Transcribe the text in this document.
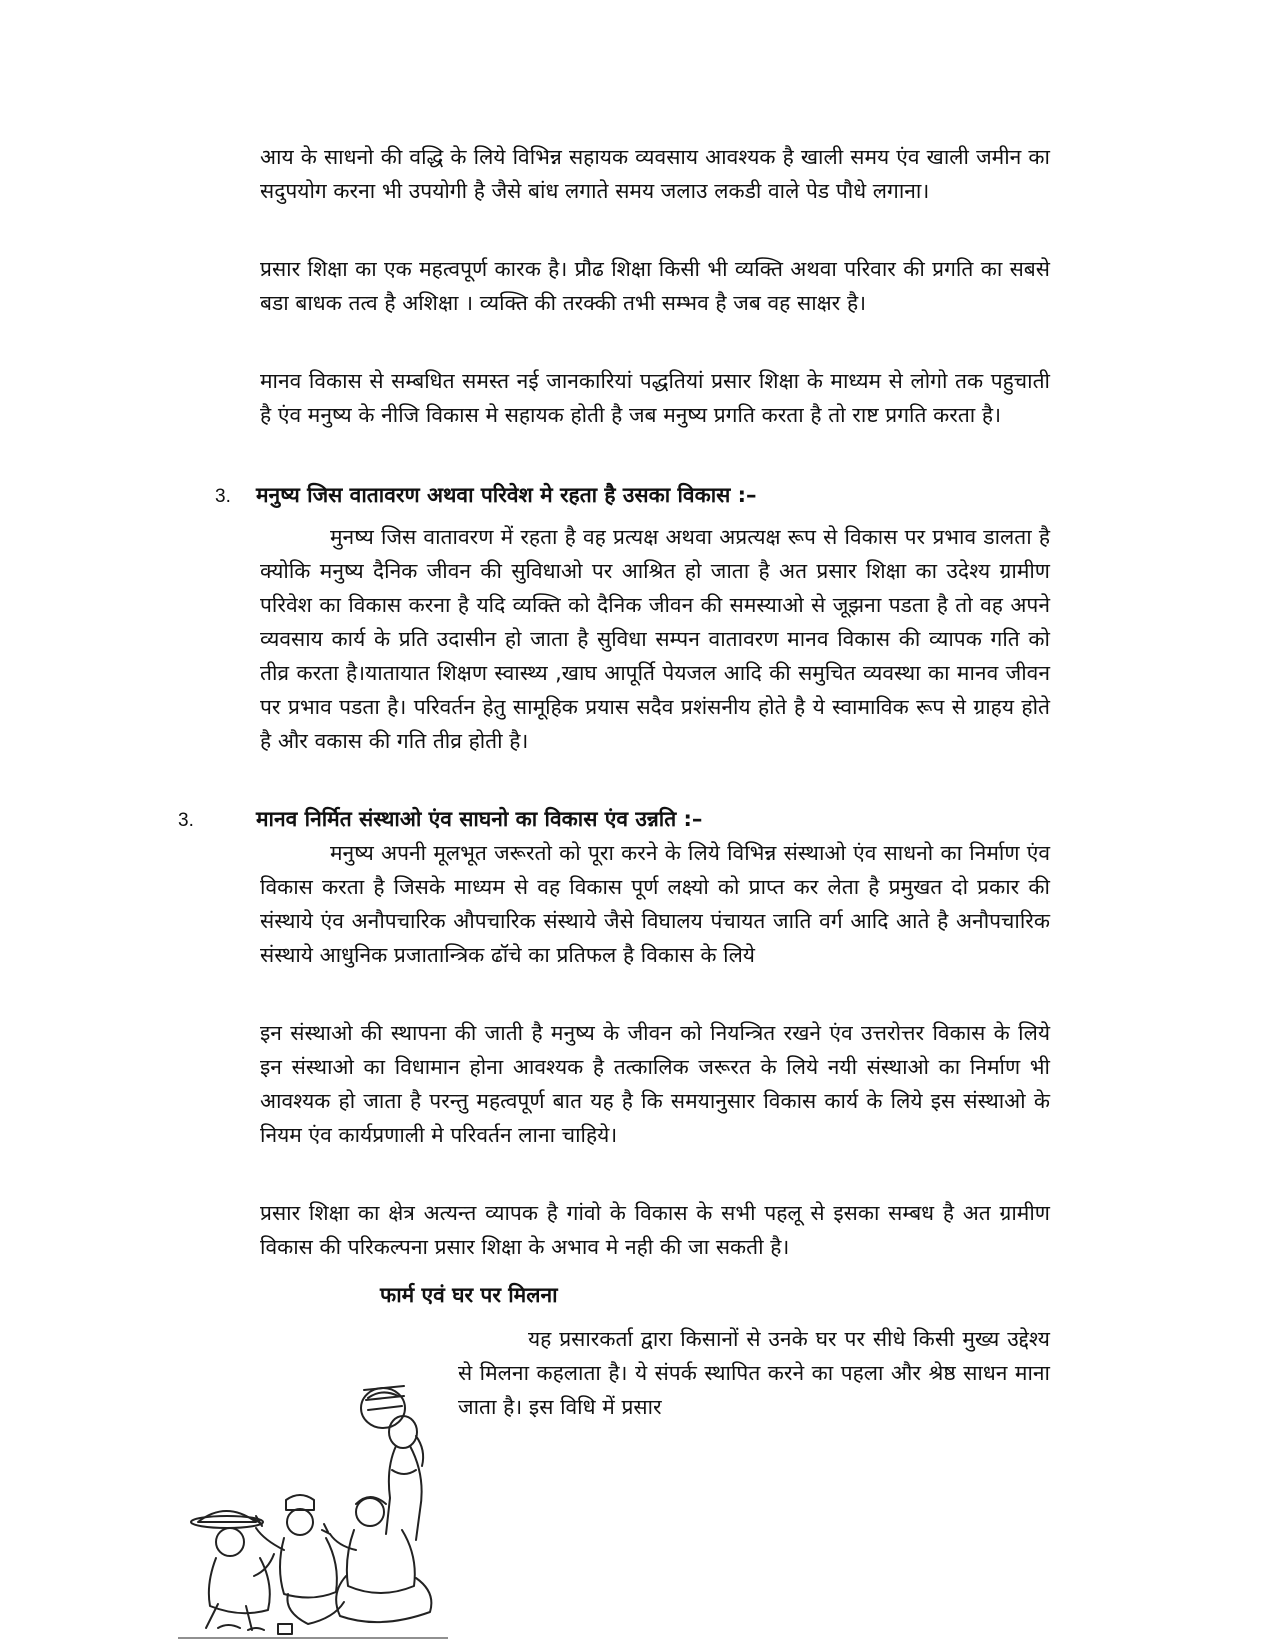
आय के साधनो की वद्धि के लिये विभिन्न सहायक व्यवसाय आवश्यक है खाली समय एंव खाली जमीन का सदुपयोग करना भी उपयोगी है जैसे बांध लगाते समय जलाउ लकडी वाले पेड पौधे लगाना।

प्रसार शिक्षा का एक महत्वपूर्ण कारक है। प्रौढ शिक्षा किसी भी व्यक्ति अथवा परिवार की प्रगति का सबसे बडा बाधक तत्व है अशिक्षा । व्यक्ति की तरक्की तभी सम्भव है जब वह साक्षर है।

मानव विकास से सम्बधित समस्त नई जानकारियां पद्धतियां प्रसार शिक्षा के माध्यम से लोगो तक पहुचाती है एंव मनुष्य के नीजि विकास मे सहायक होती है जब मनुष्य प्रगति करता है तो राष्ट प्रगति करता है।

3. मनुष्य जिस वातावरण अथवा परिवेश मे रहता है उसका विकास :–

मुनष्य जिस वातावरण में रहता है वह प्रत्यक्ष अथवा अप्रत्यक्ष रूप से विकास पर प्रभाव डालता है क्योकि मनुष्य दैनिक जीवन की सुविधाओ पर आश्रित हो जाता है अत प्रसार शिक्षा का उदेश्य ग्रामीण परिवेश का विकास करना है यदि व्यक्ति को दैनिक जीवन की समस्याओ से जूझना पडता है तो वह अपने व्यवसाय कार्य के प्रति उदासीन हो जाता है सुविधा सम्पन वातावरण मानव विकास की व्यापक गति को तीव्र करता है।यातायात शिक्षण स्वास्थ्य ,खाघ आपूर्ति पेयजल आदि की समुचित व्यवस्था का मानव जीवन पर प्रभाव पडता है। परिवर्तन हेतु सामूहिक प्रयास सदैव प्रशंसनीय होते है ये स्वामाविक रूप से ग्राहय होते है और वकास की गति तीव्र होती है।

3.	मानव निर्मित संस्थाओ एंव साघनो का विकास एंव उन्नति :–

मनुष्य अपनी मूलभूत जरूरतो को पूरा करने के लिये विभिन्न संस्थाओ एंव साधनो का निर्माण एंव विकास करता है जिसके माध्यम से वह विकास पूर्ण लक्ष्यो को प्राप्त कर लेता है प्रमुखत दो प्रकार की संस्थाये एंव अनौपचारिक औपचारिक संस्थाये जैसे विघालय पंचायत जाति वर्ग आदि आते है अनौपचारिक संस्थाये आधुनिक प्रजातान्त्रिक ढॉचे का प्रतिफल है विकास के लिये

इन संस्थाओ की स्थापना की जाती है मनुष्य के जीवन को नियन्त्रित रखने एंव उत्तरोत्तर विकास के लिये इन संस्थाओ का विधामान होना आवश्यक है तत्कालिक जरूरत के लिये नयी संस्थाओ का निर्माण भी आवश्यक हो जाता है परन्तु महत्वपूर्ण बात यह है कि समयानुसार विकास कार्य के लिये इस संस्थाओ के नियम एंव कार्यप्रणाली मे परिवर्तन लाना चाहिये।

प्रसार शिक्षा का क्षेत्र अत्यन्त व्यापक है गांवो के विकास के सभी पहलू से इसका सम्बध है अत ग्रामीण विकास की परिकल्पना प्रसार शिक्षा के अभाव मे नही की जा सकती है।

फार्म एवं घर पर मिलना

यह प्रसारकर्ता द्वारा किसानों से उनके घर पर सीधे किसी मुख्य उद्देश्य से मिलना कहलाता है। ये संपर्क स्थापित करने का पहला और श्रेष्ठ साधन माना जाता है। इस विधि में प्रसार
